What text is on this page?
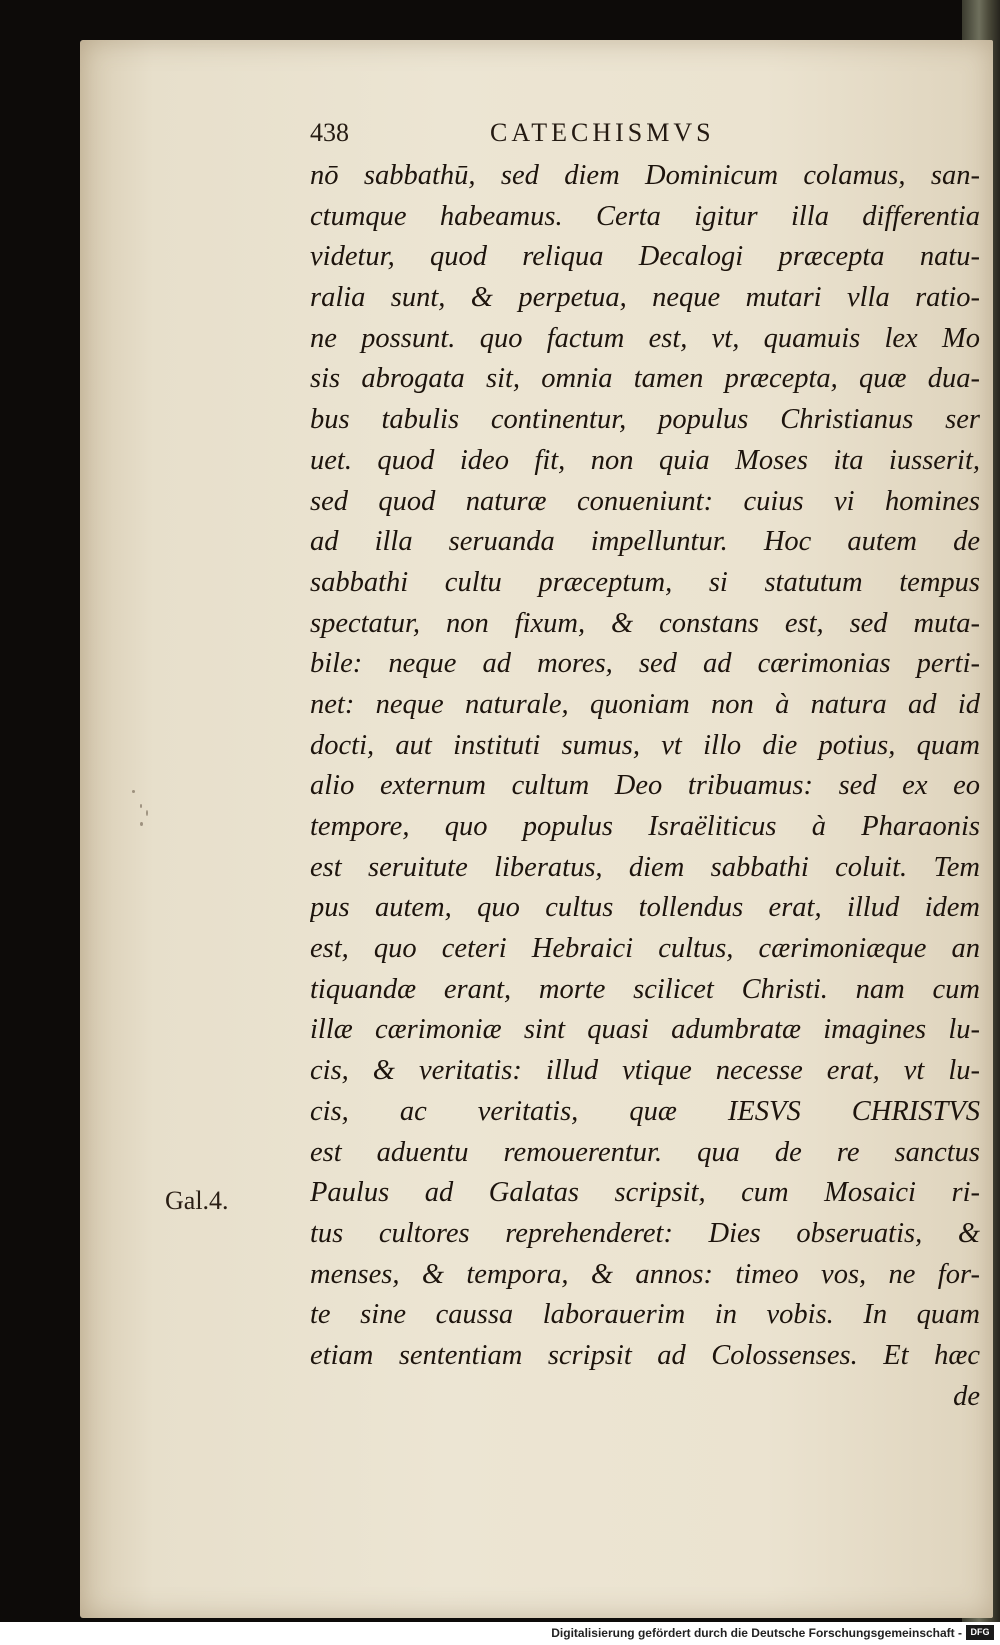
438	CATECHISMVS
Gal.4.
nō sabbathū, sed diem Dominicum colamus, san-
ctumque habeamus. Certa igitur illa differentia
videtur, quod reliqua Decalogi præcepta natu-
ralia sunt, & perpetua, neque mutari vlla ratio-
ne possunt. quo factum est, vt, quamuis lex Mo
sis abrogata sit, omnia tamen præcepta, quæ dua-
bus tabulis continentur, populus Christianus ser
uet. quod ideo fit, non quia Moses ita iusserit,
sed quod naturæ conueniunt: cuius vi homines
ad illa seruanda impelluntur. Hoc autem de
sabbathi cultu præceptum, si statutum tempus
spectatur, non fixum, & constans est, sed muta-
bile: neque ad mores, sed ad cærimonias perti-
net: neque naturale, quoniam non à natura ad id
docti, aut instituti sumus, vt illo die potius, quam
alio externum cultum Deo tribuamus: sed ex eo
tempore, quo populus Israëliticus à Pharaonis
est seruitute liberatus, diem sabbathi coluit. Tem
pus autem, quo cultus tollendus erat, illud idem
est, quo ceteri Hebraici cultus, cærimoniæque an
tiquandæ erant, morte scilicet Christi. nam cum
illæ cærimoniæ sint quasi adumbratæ imagines lu-
cis, & veritatis: illud vtique necesse erat, vt lu-
cis, ac veritatis, quæ IESVS CHRISTVS
est aduentu remouerentur. qua de re sanctus
Paulus ad Galatas scripsit, cum Mosaici ri-
tus cultores reprehenderet: Dies obseruatis, &
menses, & tempora, & annos: timeo vos, ne for-
te sine caussa laborauerim in vobis. In quam
etiam sententiam scripsit ad Colossenses. Et hæc
de
Digitalisierung gefördert durch die Deutsche Forschungsgemeinschaft - DFG
